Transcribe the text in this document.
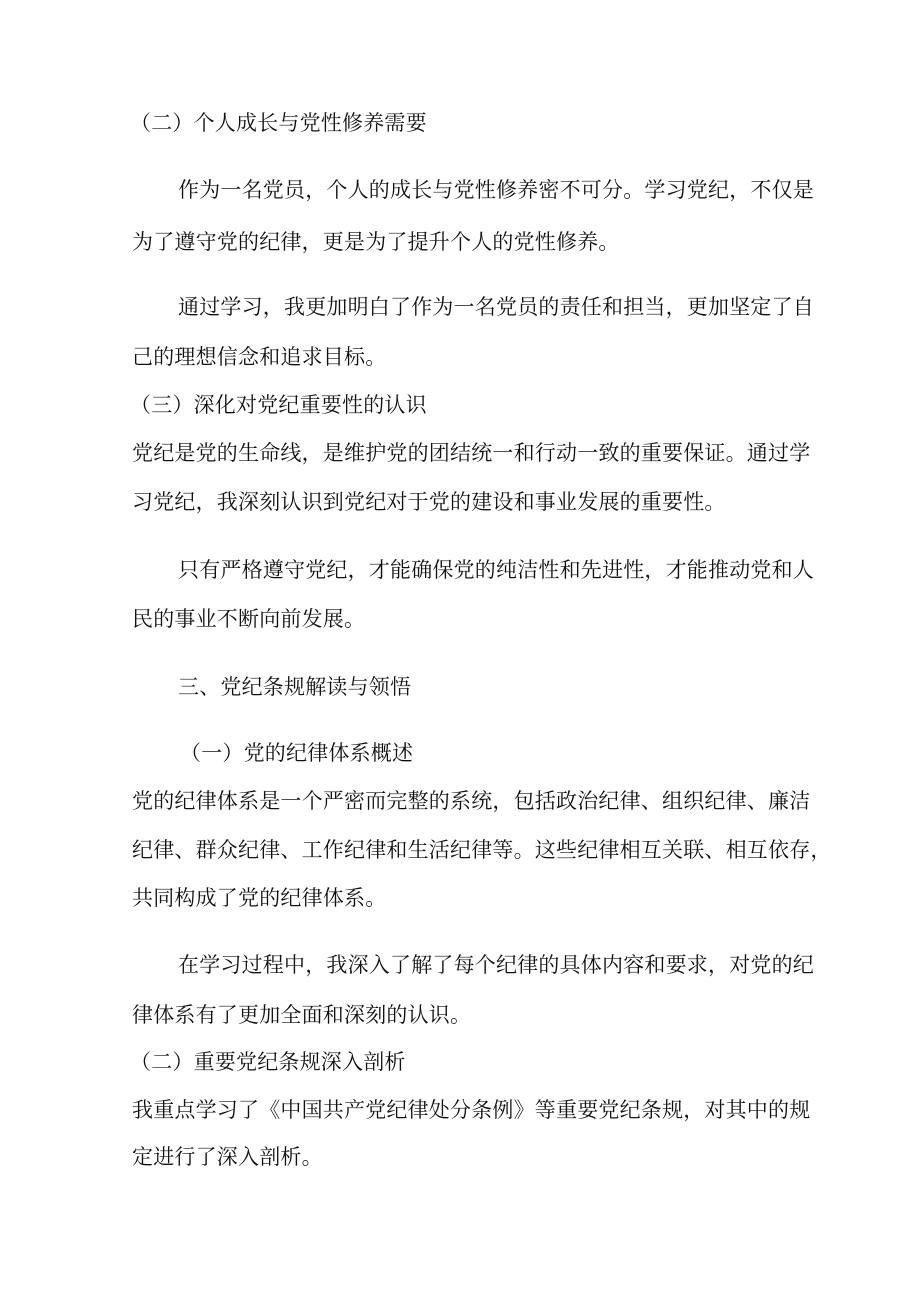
（二）个人成长与党性修养需要

作为一名党员，个人的成长与党性修养密不可分。学习党纪，不仅是

为了遵守党的纪律，更是为了提升个人的党性修养。

通过学习，我更加明白了作为一名党员的责任和担当，更加坚定了自

己的理想信念和追求目标。

（三）深化对党纪重要性的认识

党纪是党的生命线，是维护党的团结统一和行动一致的重要保证。通过学

习党纪，我深刻认识到党纪对于党的建设和事业发展的重要性。

只有严格遵守党纪，才能确保党的纯洁性和先进性，才能推动党和人

民的事业不断向前发展。

三、党纪条规解读与领悟

（一）党的纪律体系概述

党的纪律体系是一个严密而完整的系统，包括政治纪律、组织纪律、廉洁

纪律、群众纪律、工作纪律和生活纪律等。这些纪律相互关联、相互依存，

共同构成了党的纪律体系。

在学习过程中，我深入了解了每个纪律的具体内容和要求，对党的纪

律体系有了更加全面和深刻的认识。

（二）重要党纪条规深入剖析

我重点学习了《中国共产党纪律处分条例》等重要党纪条规，对其中的规

定进行了深入剖析。
